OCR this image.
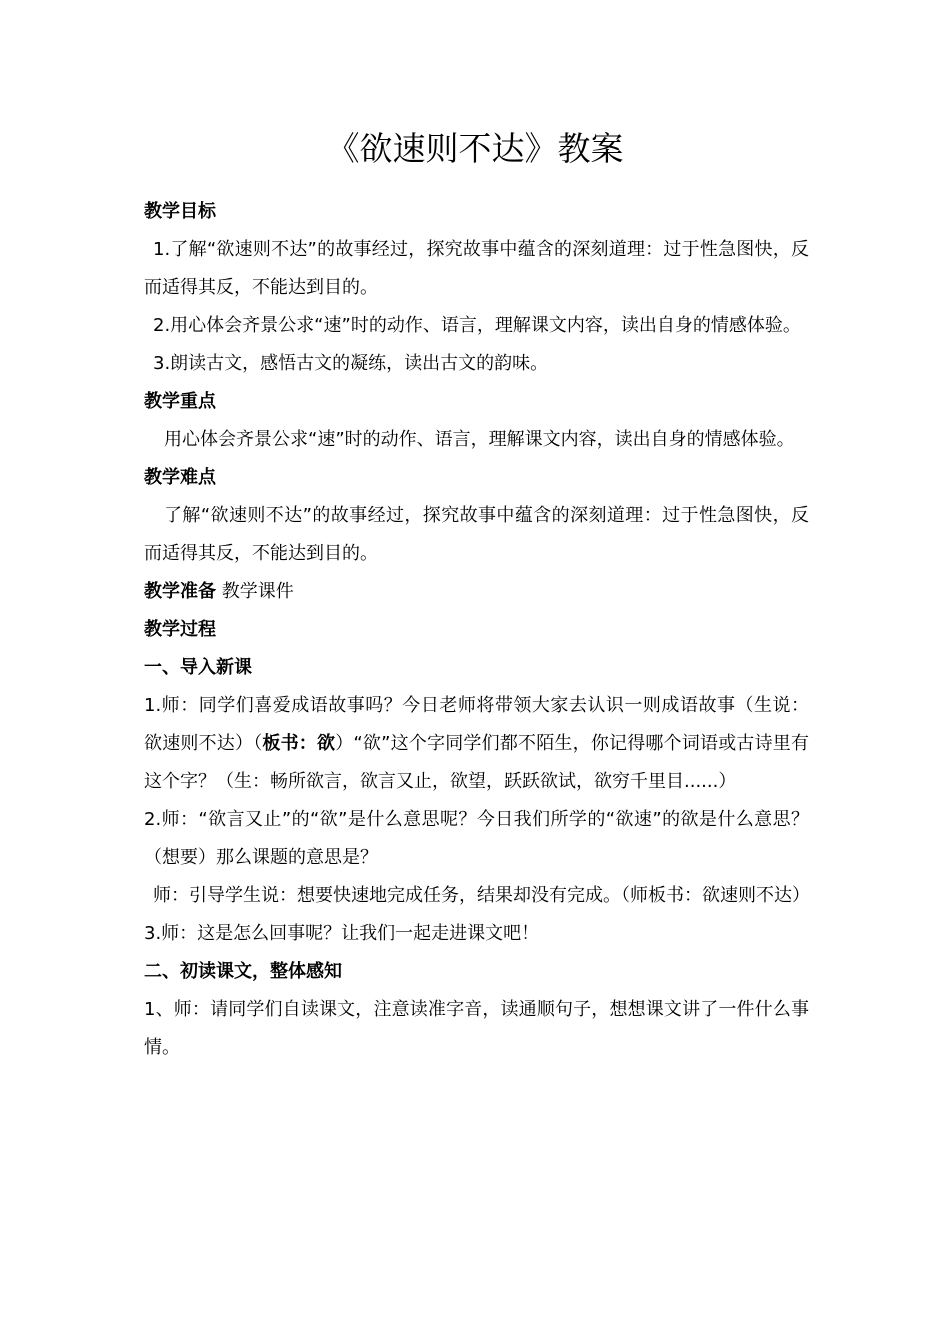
《欲速则不达》教案

教学目标

1.了解“欲速则不达”的故事经过，探究故事中蕴含的深刻道理：过于性急图快，反而适得其反，不能达到目的。

2.用心体会齐景公求“速”时的动作、语言，理解课文内容，读出自身的情感体验。

3.朗读古文，感悟古文的凝练，读出古文的韵味。

教学重点

用心体会齐景公求“速”时的动作、语言，理解课文内容，读出自身的情感体验。

教学难点

了解“欲速则不达”的故事经过，探究故事中蕴含的深刻道理：过于性急图快，反而适得其反，不能达到目的。

教学准备 教学课件

教学过程

一、导入新课

1.师：同学们喜爱成语故事吗？今日老师将带领大家去认识一则成语故事（生说：欲速则不达）（板书：欲）“欲”这个字同学们都不陌生，你记得哪个词语或古诗里有这个字？（生：畅所欲言，欲言又止，欲望，跃跃欲试，欲穷千里目......）

2.师：“欲言又止”的“欲”是什么意思呢？今日我们所学的“欲速”的欲是什么意思？（想要）那么课题的意思是？

师：引导学生说：想要快速地完成任务，结果却没有完成。（师板书：欲速则不达）

3.师：这是怎么回事呢？让我们一起走进课文吧！

二、初读课文，整体感知

1、师：请同学们自读课文，注意读准字音，读通顺句子，想想课文讲了一件什么事情。
